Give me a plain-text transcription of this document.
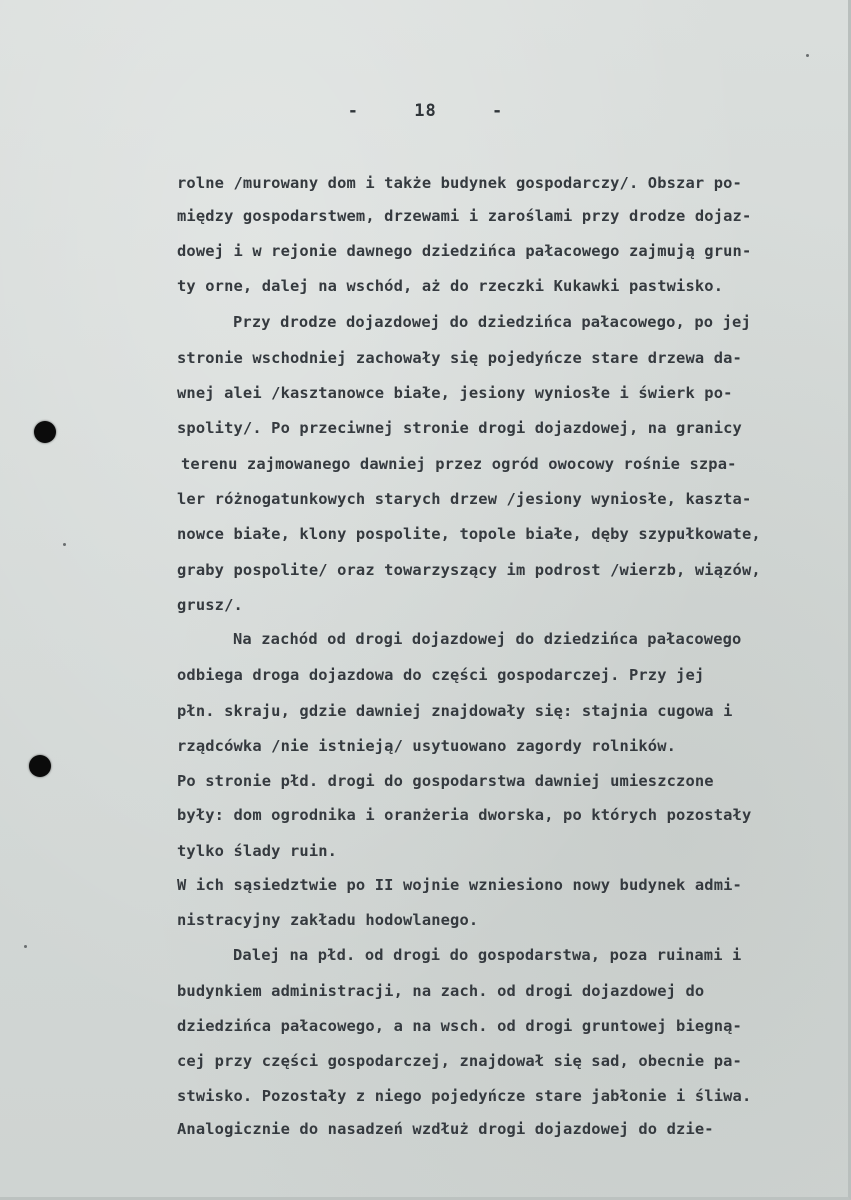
-	18	-
rolne /murowany dom i także budynek gospodarczy/. Obszar po-
między gospodarstwem, drzewami i zaroślami przy drodze dojaz-
dowej i w rejonie dawnego dziedzińca pałacowego zajmują grun-
ty orne, dalej na wschód, aż do rzeczki Kukawki pastwisko.
Przy drodze dojazdowej do dziedzińca pałacowego, po jej
stronie wschodniej zachowały się pojedyńcze stare drzewa da-
wnej alei /kasztanowce białe, jesiony wyniosłe i świerk po-
spolity/. Po przeciwnej stronie drogi dojazdowej, na granicy
terenu zajmowanego dawniej przez ogród owocowy rośnie szpa-
ler różnogatunkowych starych drzew /jesiony wyniosłe, kaszta-
nowce białe, klony pospolite, topole białe, dęby szypułkowate,
graby pospolite/ oraz towarzyszący im podrost /wierzb, wiązów,
grusz/.
Na zachód od drogi dojazdowej do dziedzińca pałacowego
odbiega droga dojazdowa do części gospodarczej. Przy jej
płn. skraju, gdzie dawniej znajdowały się: stajnia cugowa i
rządcówka /nie istnieją/ usytuowano zagordy rolników.
Po stronie płd. drogi do gospodarstwa dawniej umieszczone
były: dom ogrodnika i oranżeria dworska, po których pozostały
tylko ślady ruin.
W ich sąsiedztwie po II wojnie wzniesiono nowy budynek admi-
nistracyjny zakładu hodowlanego.
Dalej na płd. od drogi do gospodarstwa, poza ruinami i
budynkiem administracji, na zach. od drogi dojazdowej do
dziedzińca pałacowego, a na wsch. od drogi gruntowej biegną-
cej przy części gospodarczej, znajdował się sad, obecnie pa-
stwisko. Pozostały z niego pojedyńcze stare jabłonie i śliwa.
Analogicznie do nasadzeń wzdłuż drogi dojazdowej do dzie-
